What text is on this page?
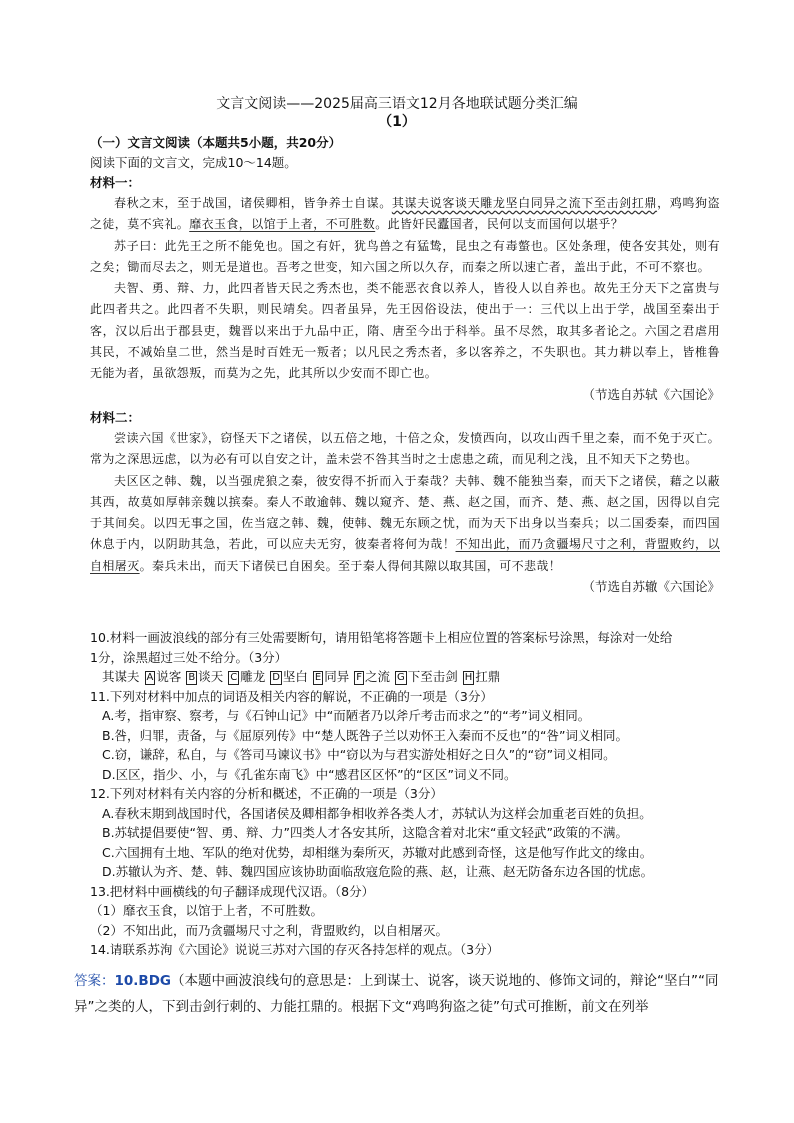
文言文阅读——2025届高三语文12月各地联试题分类汇编
（1）
（一）文言文阅读（本题共5小题，共20分）
阅读下面的文言文，完成10～14题。
材料一：

春秋之末，至于战国，诸侯卿相，皆争养士自谋。其谋夫说客谈天雕龙坚白同异之流下至击剑扛鼎，鸡鸣狗盗之徒，莫不宾礼。靡衣玉食，以馆于上者，不可胜数。此皆奸民蠹国者，民何以支而国何以堪乎？

苏子曰：此先王之所不能免也。国之有奸，犹鸟兽之有猛鸷，昆虫之有毒螫也。区处条理，使各安其处，则有之矣；锄而尽去之，则无是道也。吾考之世变，知六国之所以久存，而秦之所以速亡者，盖出于此，不可不察也。

夫智、勇、辩、力，此四者皆天民之秀杰也，类不能恶衣食以养人，皆役人以自养也。故先王分天下之富贵与此四者共之。此四者不失职，则民靖矣。四者虽异，先王因俗设法，使出于一：三代以上出于学，战国至秦出于客，汉以后出于郡县吏，魏晋以来出于九品中正，隋、唐至今出于科举。虽不尽然，取其多者论之。六国之君虐用其民，不减始皇二世，然当是时百姓无一叛者；以凡民之秀杰者，多以客养之，不失职也。其力耕以奉上，皆椎鲁无能为者，虽欲怨叛，而莫为之先，此其所以少安而不即亡也。

（节选自苏轼《六国论》
材料二：

尝读六国《世家》，窃怪天下之诸侯，以五倍之地，十倍之众，发愤西向，以攻山西千里之秦，而不免于灭亡。常为之深思远虑，以为必有可以自安之计，盖未尝不咎其当时之士虑患之疏，而见利之浅，且不知天下之势也。

夫区区之韩、魏，以当强虎狼之秦，彼安得不折而入于秦哉？夫韩、魏不能独当秦，而天下之诸侯，藉之以蔽其西，故莫如厚韩亲魏以摈秦。秦人不敢逾韩、魏以窥齐、楚、燕、赵之国，而齐、楚、燕、赵之国，因得以自完于其间矣。以四无事之国，佐当寇之韩、魏，使韩、魏无东顾之忧，而为天下出身以当秦兵；以二国委秦，而四国休息于内，以阴助其急，若此，可以应夫无穷，彼秦者将何为哉！不知出此，而乃贪疆埸尺寸之利，背盟败约，以自相屠灭。秦兵未出，而天下诸侯已自困矣。至于秦人得伺其隙以取其国，可不悲哉！

（节选自苏辙《六国论》
10.材料一画波浪线的部分有三处需要断句，请用铅笔将答题卡上相应位置的答案标号涂黑，每涂对一处给
1分，涂黑超过三处不给分。（3分）
其谋夫 A 说客 B 谈天 C 雕龙 D 坚白 E 同异 F 之流 G 下至击剑 H 扛鼎
11.下列对材料中加点的词语及相关内容的解说，不正确的一项是（3分）
A.考，指审察、察考，与《石钟山记》中“而陋者乃以斧斤考击而求之”的“考”词义相同。
B.咎，归罪，责备，与《屈原列传》中“楚人既咎子兰以劝怀王入秦而不反也”的“咎”词义相同。
C.窃，谦辞，私自，与《答司马谏议书》中“窃以为与君实游处相好之日久”的“窃”词义相同。
D.区区，指少、小，与《孔雀东南飞》中“感君区区怀”的“区区”词义不同。
12.下列对材料有关内容的分析和概述，不正确的一项是（3分）
A.春秋末期到战国时代，各国诸侯及卿相都争相收养各类人才，苏轼认为这样会加重老百姓的负担。
B.苏轼提倡要使“智、勇、辩、力”四类人才各安其所，这隐含着对北宋“重文轻武”政策的不满。
C.六国拥有土地、军队的绝对优势，却相继为秦所灭，苏辙对此感到奇怪，这是他写作此文的缘由。
D.苏辙认为齐、楚、韩、魏四国应该协助面临敌寇危险的燕、赵，让燕、赵无防备东边各国的忧虑。
13.把材料中画横线的句子翻译成现代汉语。（8分）
（1）靡衣玉食，以馆于上者，不可胜数。
（2）不知出此，而乃贪疆埸尺寸之利，背盟败约，以自相屠灭。
14.请联系苏洵《六国论》说说三苏对六国的存灭各持怎样的观点。（3分）
答案：10.BDG（本题中画波浪线句的意思是：上到谋士、说客，谈天说地的、修饰文词的，辩论“坚白”“同异”之类的人，下到击剑行刺的、力能扛鼎的。根据下文“鸡鸣狗盗之徒”句式可推断，前文在列举
